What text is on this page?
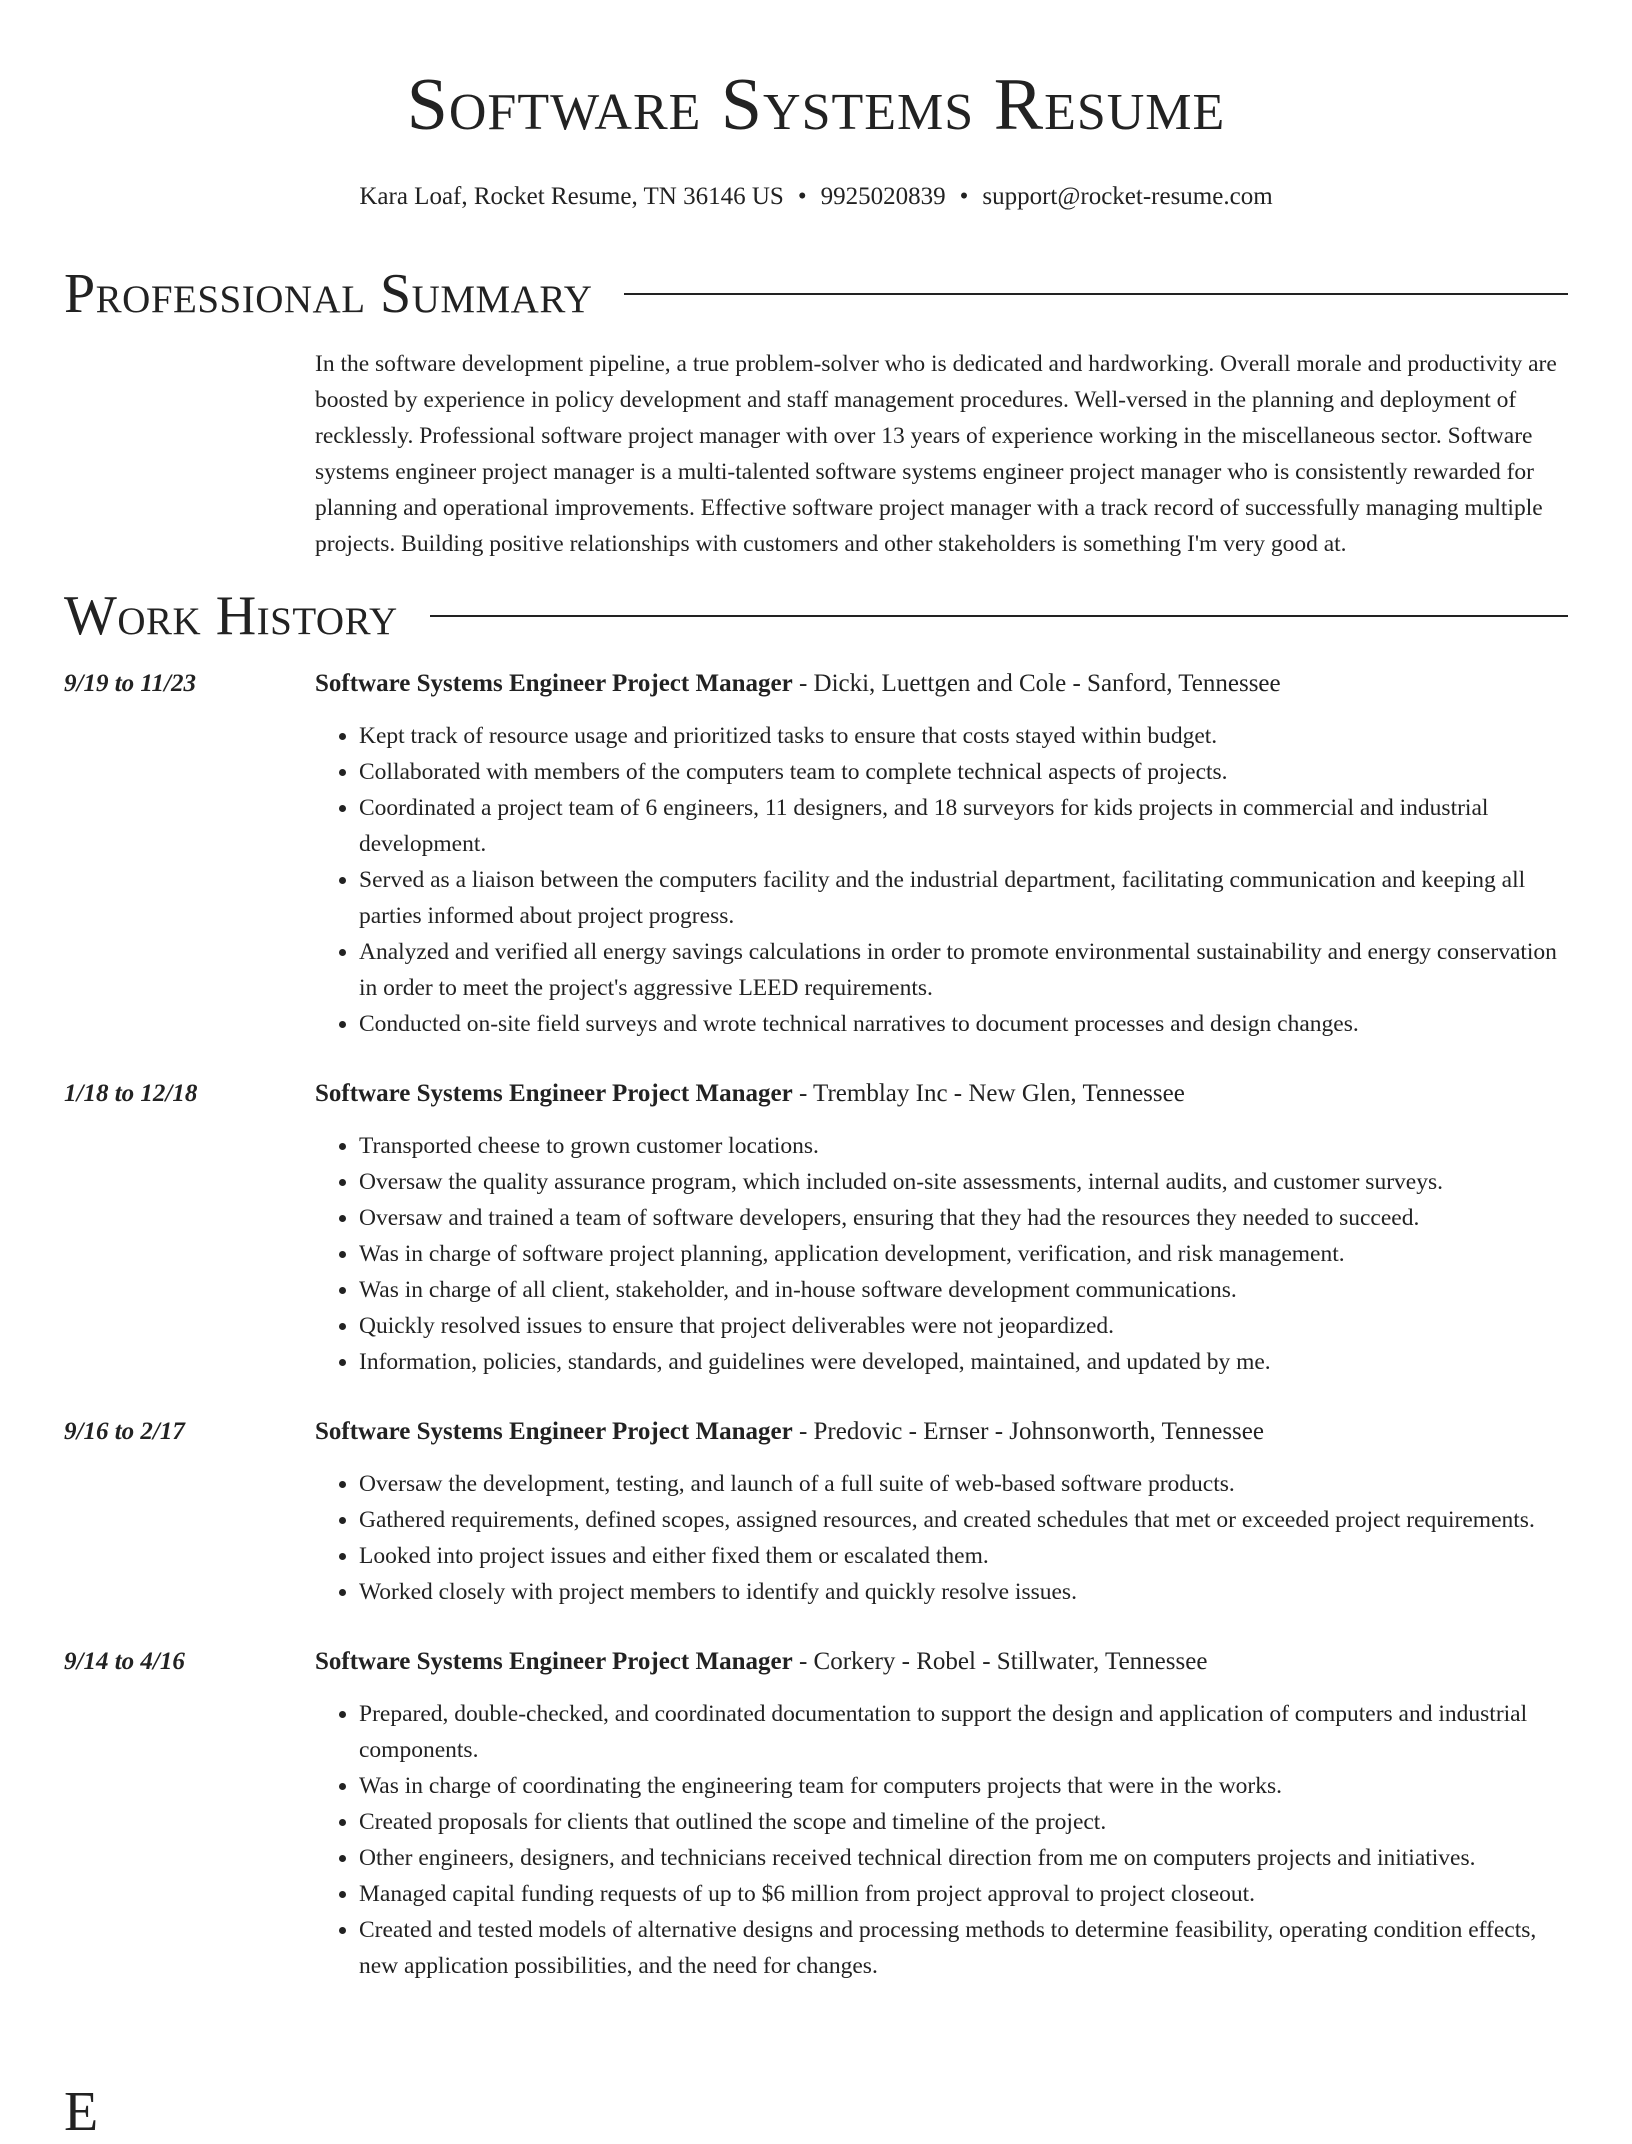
Software Systems Resume
Kara Loaf, Rocket Resume, TN 36146 US • 9925020839 • support@rocket-resume.com
Professional Summary
In the software development pipeline, a true problem-solver who is dedicated and hardworking. Overall morale and productivity are boosted by experience in policy development and staff management procedures. Well-versed in the planning and deployment of recklessly. Professional software project manager with over 13 years of experience working in the miscellaneous sector. Software systems engineer project manager is a multi-talented software systems engineer project manager who is consistently rewarded for planning and operational improvements. Effective software project manager with a track record of successfully managing multiple projects. Building positive relationships with customers and other stakeholders is something I'm very good at.
Work History
9/19 to 11/23	Software Systems Engineer Project Manager - Dicki, Luettgen and Cole - Sanford, Tennessee
• Kept track of resource usage and prioritized tasks to ensure that costs stayed within budget.
• Collaborated with members of the computers team to complete technical aspects of projects.
• Coordinated a project team of 6 engineers, 11 designers, and 18 surveyors for kids projects in commercial and industrial development.
• Served as a liaison between the computers facility and the industrial department, facilitating communication and keeping all parties informed about project progress.
• Analyzed and verified all energy savings calculations in order to promote environmental sustainability and energy conservation in order to meet the project's aggressive LEED requirements.
• Conducted on-site field surveys and wrote technical narratives to document processes and design changes.
1/18 to 12/18	Software Systems Engineer Project Manager - Tremblay Inc - New Glen, Tennessee
• Transported cheese to grown customer locations.
• Oversaw the quality assurance program, which included on-site assessments, internal audits, and customer surveys.
• Oversaw and trained a team of software developers, ensuring that they had the resources they needed to succeed.
• Was in charge of software project planning, application development, verification, and risk management.
• Was in charge of all client, stakeholder, and in-house software development communications.
• Quickly resolved issues to ensure that project deliverables were not jeopardized.
• Information, policies, standards, and guidelines were developed, maintained, and updated by me.
9/16 to 2/17	Software Systems Engineer Project Manager - Predovic - Ernser - Johnsonworth, Tennessee
• Oversaw the development, testing, and launch of a full suite of web-based software products.
• Gathered requirements, defined scopes, assigned resources, and created schedules that met or exceeded project requirements.
• Looked into project issues and either fixed them or escalated them.
• Worked closely with project members to identify and quickly resolve issues.
9/14 to 4/16	Software Systems Engineer Project Manager - Corkery - Robel - Stillwater, Tennessee
• Prepared, double-checked, and coordinated documentation to support the design and application of computers and industrial components.
• Was in charge of coordinating the engineering team for computers projects that were in the works.
• Created proposals for clients that outlined the scope and timeline of the project.
• Other engineers, designers, and technicians received technical direction from me on computers projects and initiatives.
• Managed capital funding requests of up to $6 million from project approval to project closeout.
• Created and tested models of alternative designs and processing methods to determine feasibility, operating condition effects, new application possibilities, and the need for changes.
E
